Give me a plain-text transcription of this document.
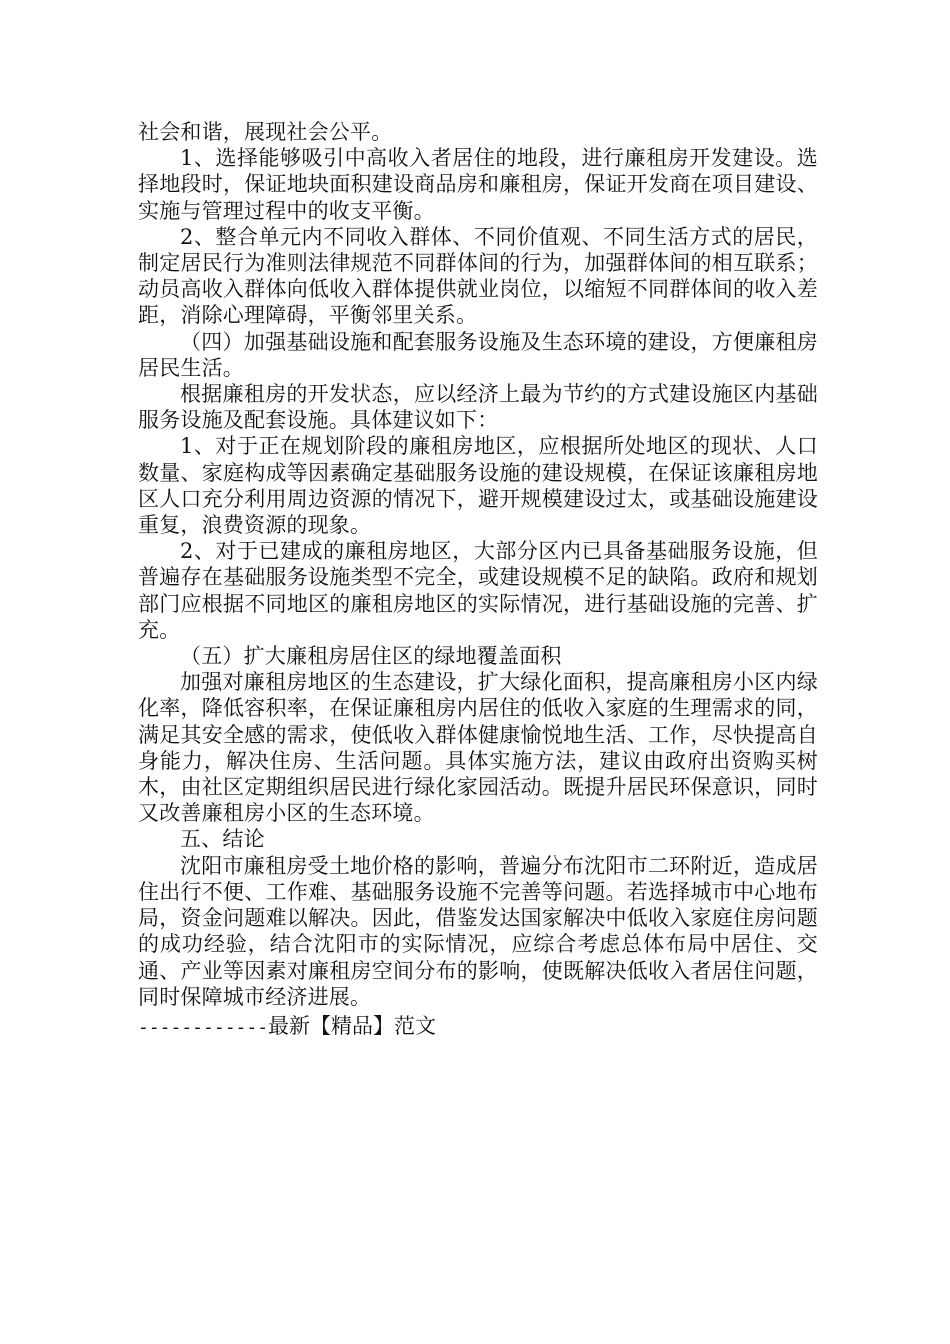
社会和谐，展现社会公平。

1、选择能够吸引中高收入者居住的地段，进行廉租房开发建设。选择地段时，保证地块面积建设商品房和廉租房，保证开发商在项目建设、实施与管理过程中的收支平衡。

2、整合单元内不同收入群体、不同价值观、不同生活方式的居民，制定居民行为准则法律规范不同群体间的行为，加强群体间的相互联系；动员高收入群体向低收入群体提供就业岗位，以缩短不同群体间的收入差距，消除心理障碍，平衡邻里关系。

（四）加强基础设施和配套服务设施及生态环境的建设，方便廉租房居民生活。

根据廉租房的开发状态，应以经济上最为节约的方式建设施区内基础服务设施及配套设施。具体建议如下：

1、对于正在规划阶段的廉租房地区，应根据所处地区的现状、人口数量、家庭构成等因素确定基础服务设施的建设规模，在保证该廉租房地区人口充分利用周边资源的情况下，避开规模建设过太，或基础设施建设重复，浪费资源的现象。

2、对于已建成的廉租房地区，大部分区内已具备基础服务设施，但普遍存在基础服务设施类型不完全，或建设规模不足的缺陷。政府和规划部门应根据不同地区的廉租房地区的实际情况，进行基础设施的完善、扩充。

（五）扩大廉租房居住区的绿地覆盖面积

加强对廉租房地区的生态建设，扩大绿化面积，提高廉租房小区内绿化率，降低容积率，在保证廉租房内居住的低收入家庭的生理需求的同，满足其安全感的需求，使低收入群体健康愉悦地生活、工作，尽快提高自身能力，解决住房、生活问题。具体实施方法，建议由政府出资购买树木，由社区定期组织居民进行绿化家园活动。既提升居民环保意识，同时又改善廉租房小区的生态环境。

五、结论

沈阳市廉租房受土地价格的影响，普遍分布沈阳市二环附近，造成居住出行不便、工作难、基础服务设施不完善等问题。若选择城市中心地布局，资金问题难以解决。因此，借鉴发达国家解决中低收入家庭住房问题的成功经验，结合沈阳市的实际情况，应综合考虑总体布局中居住、交通、产业等因素对廉租房空间分布的影响，使既解决低收入者居住问题，同时保障城市经济进展。

------------最新【精品】范文
